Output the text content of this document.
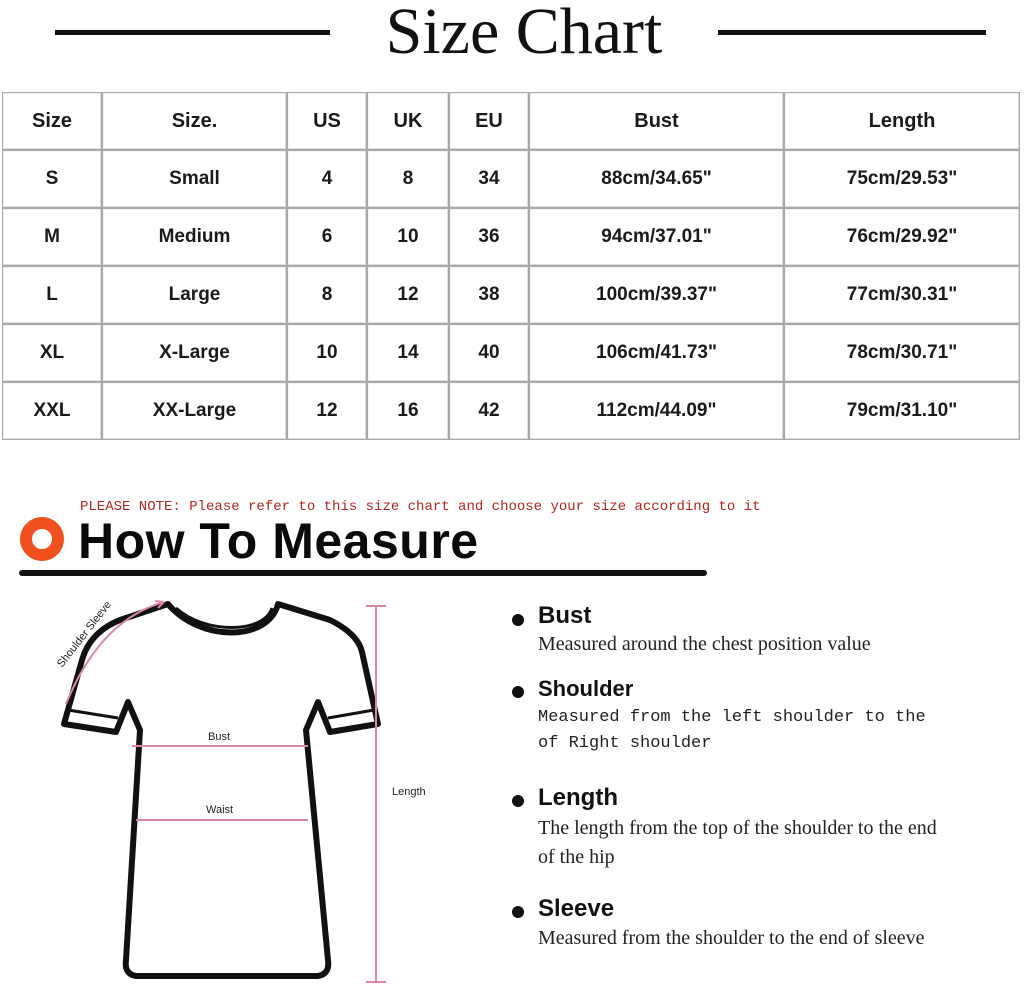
Size Chart
Size	Size.	US	UK	EU	Bust	Length
S	Small	4	8	34	88cm/34.65"	75cm/29.53"
M	Medium	6	10	36	94cm/37.01"	76cm/29.92"
L	Large	8	12	38	100cm/39.37"	77cm/30.31"
XL	X-Large	10	14	40	106cm/41.73"	78cm/30.71"
XXL	XX-Large	12	16	42	112cm/44.09"	79cm/31.10"
PLEASE NOTE: Please refer to this size chart and choose your size according to it
How To Measure
Shoulder Sleeve
Bust
Waist
Length
Bust
Measured around the chest position value
Shoulder
Measured from the left shoulder to the of Right shoulder
Length
The length from the top of the shoulder to the end of the hip
Sleeve
Measured from the shoulder to the end of sleeve
